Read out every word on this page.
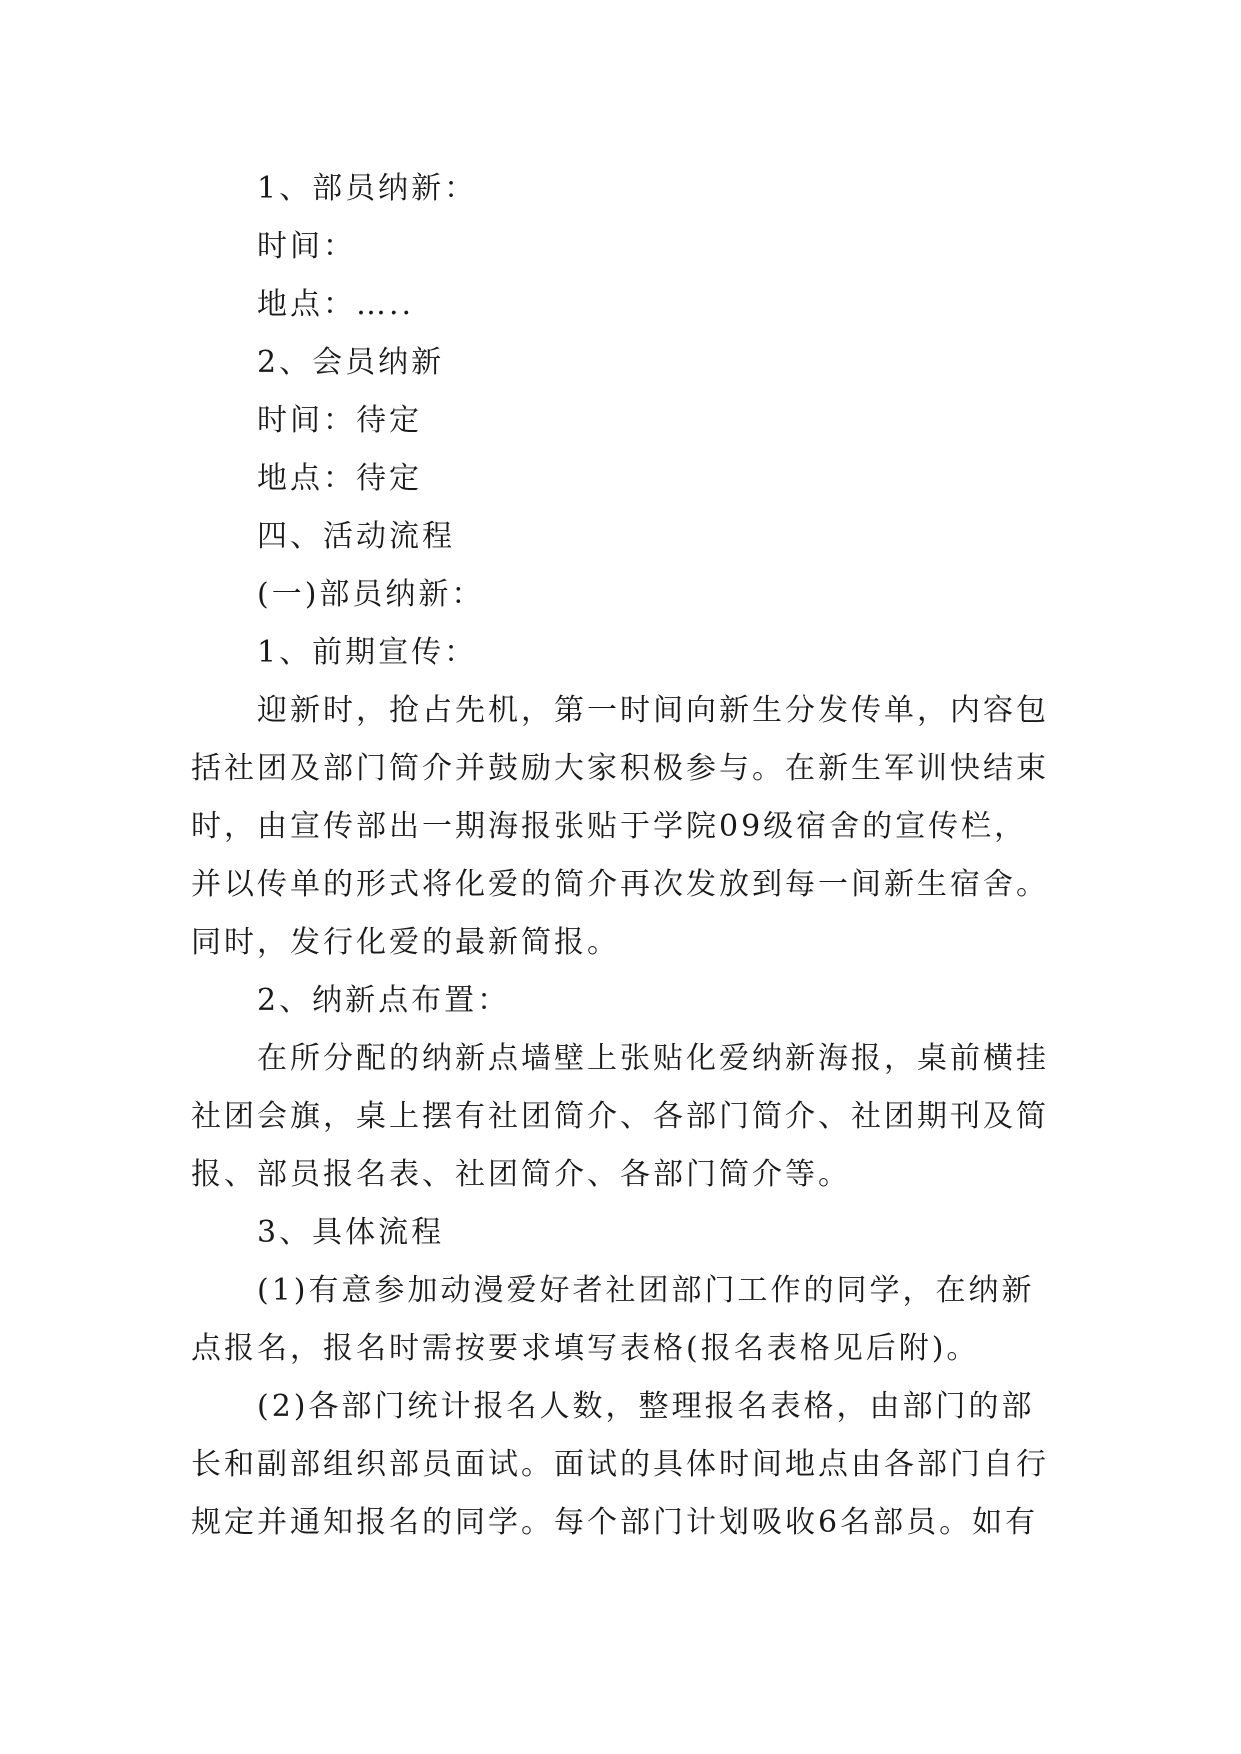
1、部员纳新：
时间：
地点：…..
2、会员纳新
时间：待定
地点：待定
四、活动流程
(一)部员纳新：
1、前期宣传：
迎新时，抢占先机，第一时间向新生分发传单，内容包
括社团及部门简介并鼓励大家积极参与。在新生军训快结束
时，由宣传部出一期海报张贴于学院09级宿舍的宣传栏，
并以传单的形式将化爱的简介再次发放到每一间新生宿舍。
同时，发行化爱的最新简报。
2、纳新点布置：
在所分配的纳新点墙壁上张贴化爱纳新海报，桌前横挂
社团会旗，桌上摆有社团简介、各部门简介、社团期刊及简
报、部员报名表、社团简介、各部门简介等。
3、具体流程
(1)有意参加动漫爱好者社团部门工作的同学，在纳新
点报名，报名时需按要求填写表格(报名表格见后附)。
(2)各部门统计报名人数，整理报名表格，由部门的部
长和副部组织部员面试。面试的具体时间地点由各部门自行
规定并通知报名的同学。每个部门计划吸收6名部员。如有
